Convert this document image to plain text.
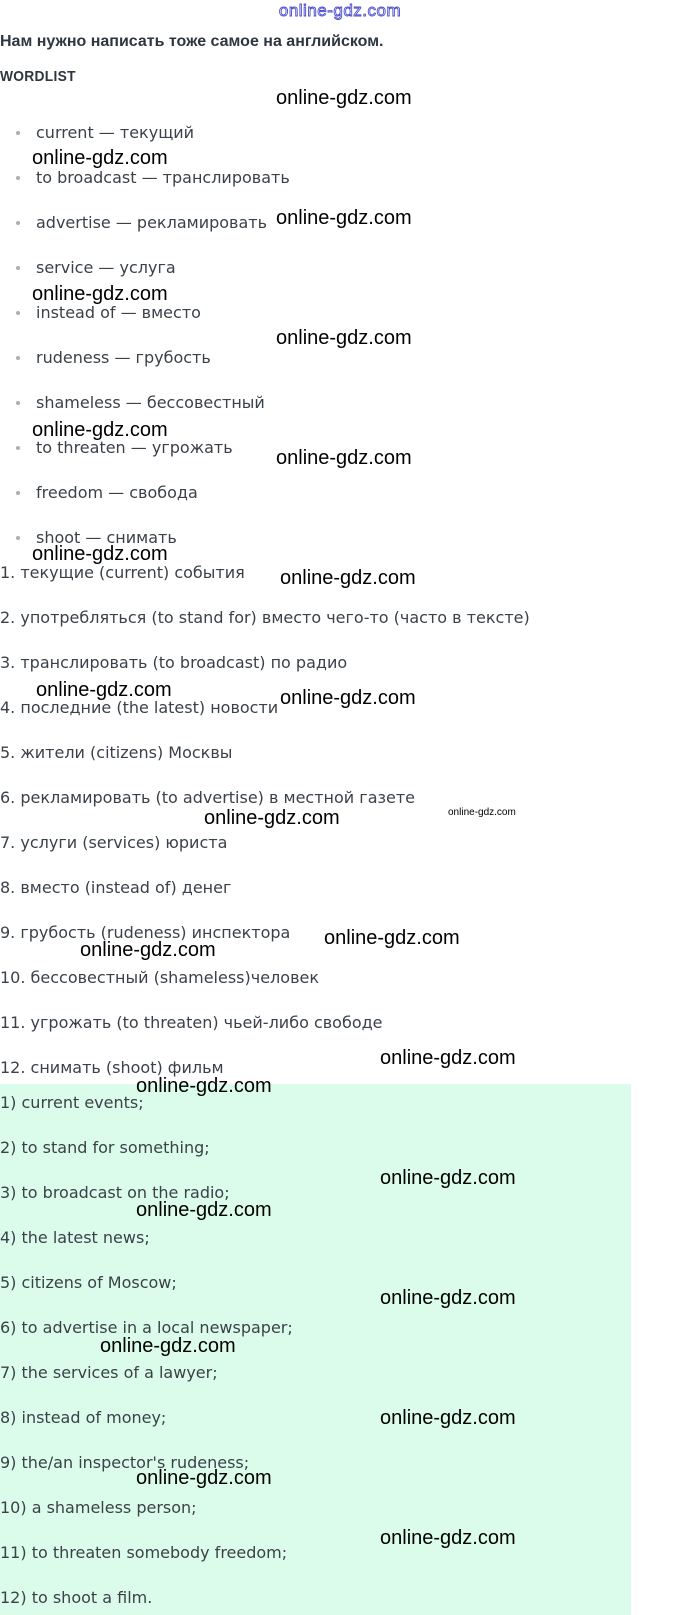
online-gdz.com
Нам нужно написать тоже самое на английском.
WORDLIST
current — текущий
to broadcast — транслировать
advertise — рекламировать
service — услуга
instead of — вместо
rudeness — грубость
shameless — бессовестный
to threaten — угрожать
freedom — свобода
shoot — снимать
1. текущие (current) события
2. употребляться (to stand for) вместо чего-то (часто в тексте)
3. транслировать (to broadcast) по радио
4. последние (the latest) новости
5. жители (citizens) Москвы
6. рекламировать (to advertise) в местной газете
7. услуги (services) юриста
8. вместо (instead of) денег
9. грубость (rudeness) инспектора
10. бессовестный (shameless)человек
11. угрожать (to threaten) чьей-либо свободе
12. снимать (shoot) фильм
1) current events;
2) to stand for something;
3) to broadcast on the radio;
4) the latest news;
5) citizens of Moscow;
6) to advertise in a local newspaper;
7) the services of a lawyer;
8) instead of money;
9) the/an inspector's rudeness;
10) a shameless person;
11) to threaten somebody freedom;
12) to shoot a film.
online-gdz.com
online-gdz.com
online-gdz.com
online-gdz.com
online-gdz.com
online-gdz.com
online-gdz.com
online-gdz.com
online-gdz.com
online-gdz.com	online-gdz.com
online-gdz.com	online-gdz.com
online-gdz.com
online-gdz.com
online-gdz.com
online-gdz.com
online-gdz.com
online-gdz.com
online-gdz.com
online-gdz.com
online-gdz.com
online-gdz.com
online-gdz.com
